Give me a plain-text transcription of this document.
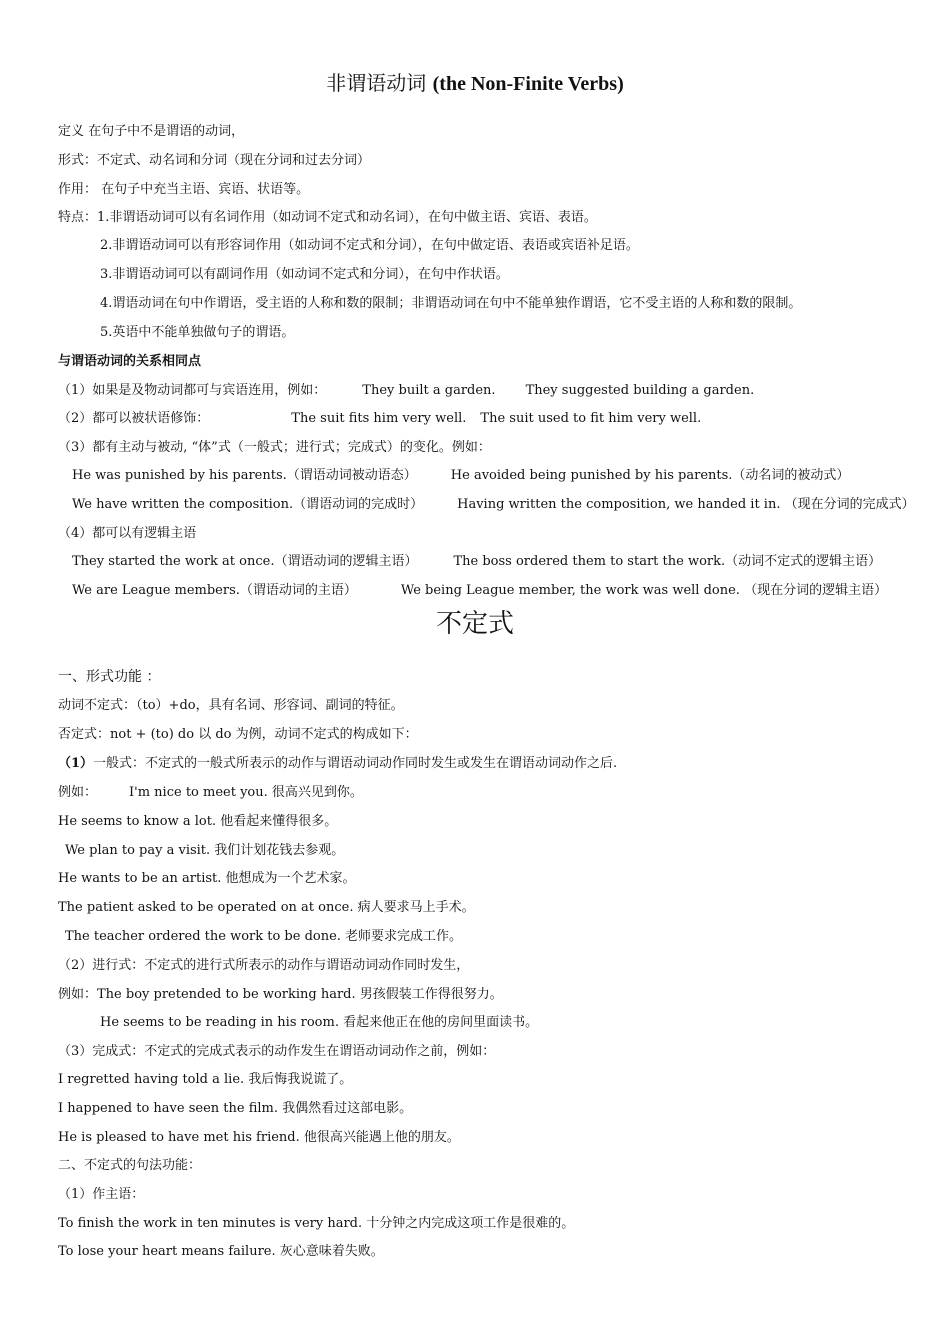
非谓语动词 (the Non-Finite Verbs)
定义 在句子中不是谓语的动词，
形式：不定式、动名词和分词（现在分词和过去分词）
作用： 在句子中充当主语、宾语、状语等。
特点：1.非谓语动词可以有名词作用（如动词不定式和动名词），在句中做主语、宾语、表语。
2.非谓语动词可以有形容词作用（如动词不定式和分词），在句中做定语、表语或宾语补足语。
3.非谓语动词可以有副词作用（如动词不定式和分词），在句中作状语。
4.谓语动词在句中作谓语，受主语的人称和数的限制；非谓语动词在句中不能单独作谓语，它不受主语的人称和数的限制。
5.英语中不能单独做句子的谓语。
与谓语动词的关系相同点
（1）如果是及物动词都可与宾语连用，例如：	They built a garden. They suggested building a garden.
（2）都可以被状语修饰：	The suit fits him very well. The suit used to fit him very well.
（3）都有主动与被动, “体”式（一般式；进行式；完成式）的变化。例如：
He was punished by his parents.（谓语动词被动语态）	He avoided being punished by his parents.（动名词的被动式）
We have written the composition.（谓语动词的完成时）	Having written the composition, we handed it in. （现在分词的完成式）
（4）都可以有逻辑主语
They started the work at once.（谓语动词的逻辑主语）	The boss ordered them to start the work.（动词不定式的逻辑主语）
We are League members.（谓语动词的主语）	We being League member, the work was well done. （现在分词的逻辑主语）
不定式
一、形式功能 ：
动词不定式：（to）+do，具有名词、形容词、副词的特征。
否定式：not + (to) do 以 do 为例，动词不定式的构成如下：
（1）一般式：不定式的一般式所表示的动作与谓语动词动作同时发生或发生在谓语动词动作之后.
例如： I'm nice to meet you. 很高兴见到你。
He seems to know a lot. 他看起来懂得很多。
We plan to pay a visit. 我们计划花钱去参观。
He wants to be an artist. 他想成为一个艺术家。
The patient asked to be operated on at once. 病人要求马上手术。
The teacher ordered the work to be done. 老师要求完成工作。
（2）进行式：不定式的进行式所表示的动作与谓语动词动作同时发生，
例如：The boy pretended to be working hard. 男孩假装工作得很努力。
He seems to be reading in his room. 看起来他正在他的房间里面读书。
（3）完成式：不定式的完成式表示的动作发生在谓语动词动作之前，例如：
I regretted having told a lie. 我后悔我说谎了。
I happened to have seen the film. 我偶然看过这部电影。
He is pleased to have met his friend. 他很高兴能遇上他的朋友。
二、不定式的句法功能：
（1）作主语：
To finish the work in ten minutes is very hard. 十分钟之内完成这项工作是很难的。
To lose your heart means failure. 灰心意味着失败。
